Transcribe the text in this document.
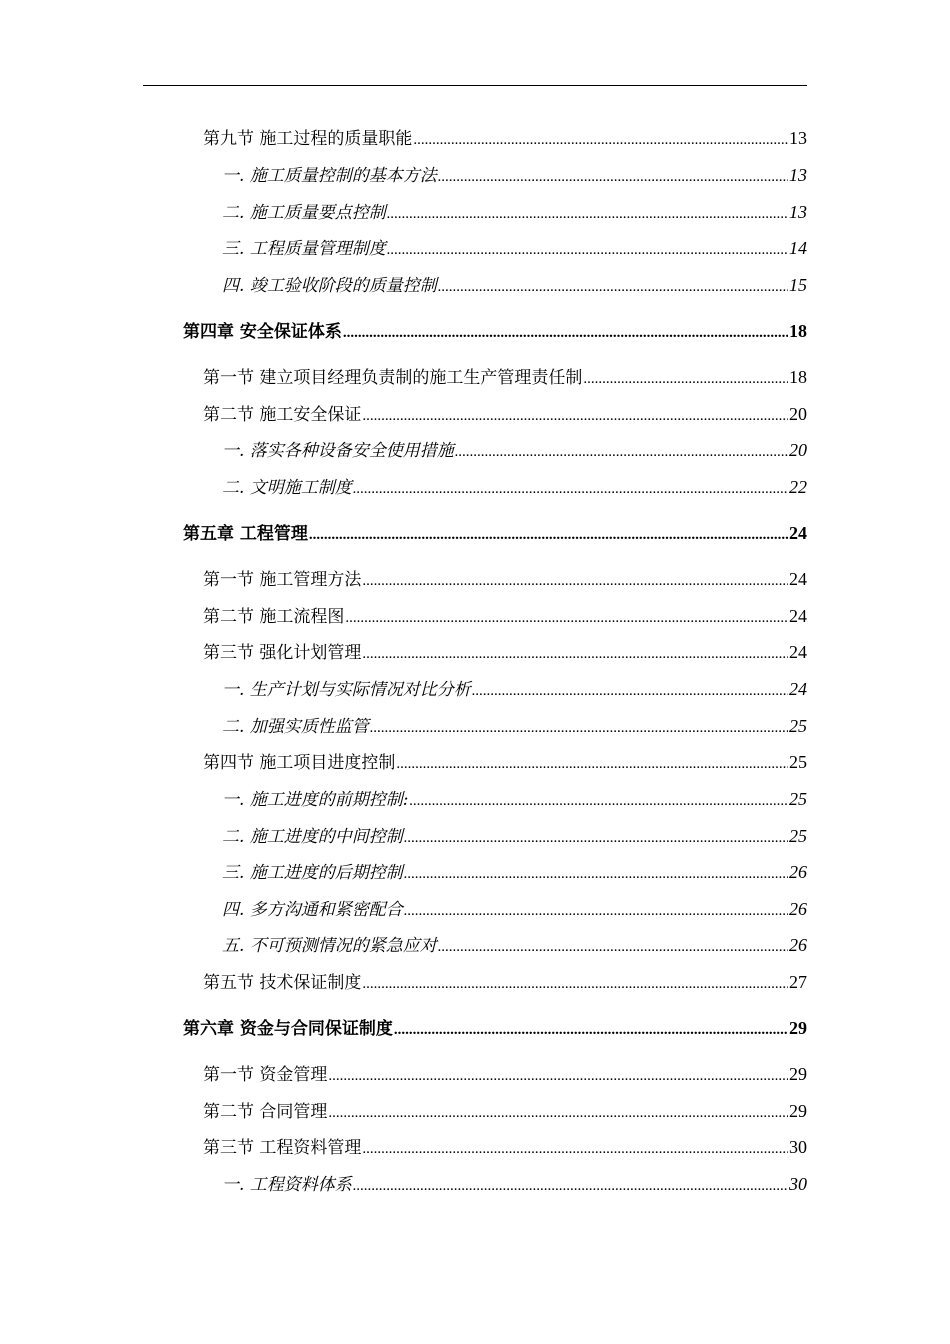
第九节 施工过程的质量职能 .....	13
一. 施工质量控制的基本方法 .....	13
二. 施工质量要点控制 .....	13
三. 工程质量管理制度 .....	14
四. 竣工验收阶段的质量控制 .....	15
第四章 安全保证体系 .....	18
第一节 建立项目经理负责制的施工生产管理责任制 .....	18
第二节 施工安全保证 .....	20
一. 落实各种设备安全使用措施 .....	20
二. 文明施工制度 .....	22
第五章 工程管理 .....	24
第一节 施工管理方法 .....	24
第二节 施工流程图 .....	24
第三节 强化计划管理 .....	24
一. 生产计划与实际情况对比分析 .....	24
二. 加强实质性监管 .....	25
第四节 施工项目进度控制 .....	25
一. 施工进度的前期控制: .....	25
二. 施工进度的中间控制 .....	25
三. 施工进度的后期控制 .....	26
四. 多方沟通和紧密配合 .....	26
五. 不可预测情况的紧急应对 .....	26
第五节 技术保证制度 .....	27
第六章 资金与合同保证制度 .....	29
第一节 资金管理 .....	29
第二节 合同管理 .....	29
第三节 工程资料管理 .....	30
一. 工程资料体系 .....	30
